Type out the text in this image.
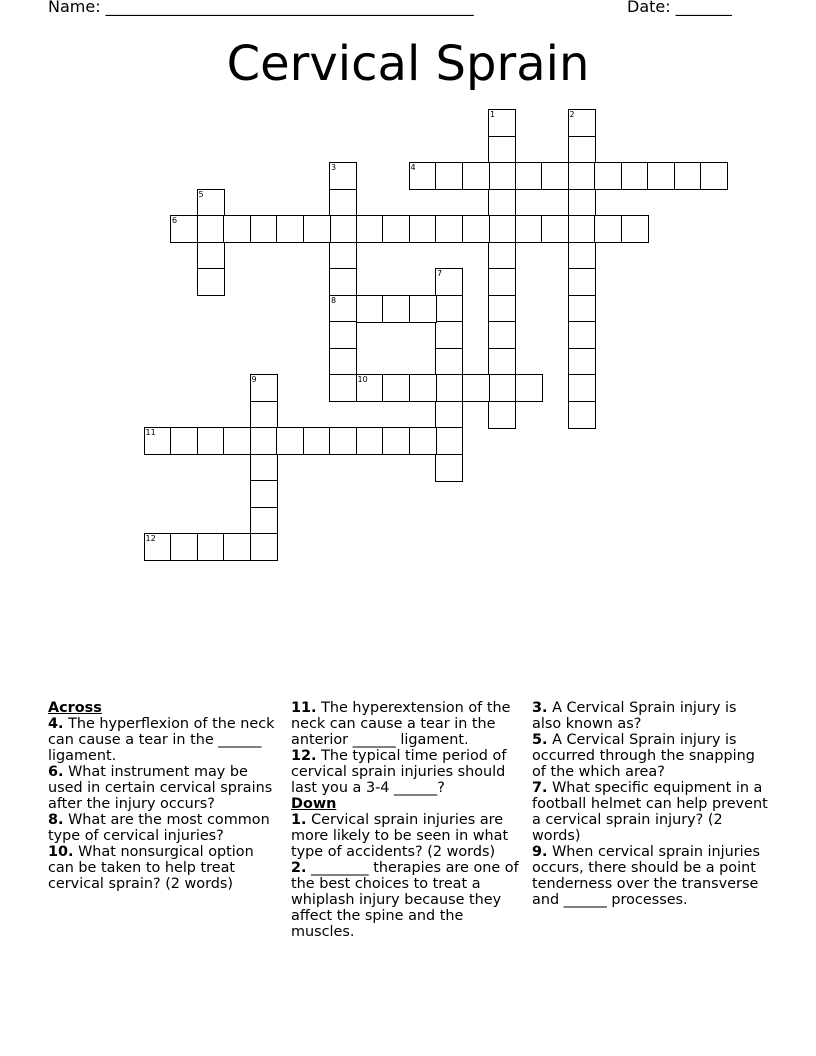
Name: ______________________________________________	Date: _______
Cervical Sprain
1	2
3
8
4
5
6
7
9	10
11
12

Across

4. The hyperflexion of the neck can cause a tear in the ______ ligament.

6. What instrument may be used in certain cervical sprains after the injury occurs?

8. What are the most common type of cervical injuries?

10. What nonsurgical option can be taken to help treat cervical sprain? (2 words)

11. The hyperextension of the neck can cause a tear in the anterior ______ ligament.

12. The typical time period of cervical sprain injuries should last you a 3-4 ______?

Down

1. Cervical sprain injuries are more likely to be seen in what type of accidents? (2 words)

2. ________ therapies are one of the best choices to treat a whiplash injury because they affect the spine and the muscles.

3. A Cervical Sprain injury is also known as?

5. A Cervical Sprain injury is occurred through the snapping of the which area?

7. What specific equipment in a football helmet can help prevent a cervical sprain injury? (2 words)

9. When cervical sprain injuries occurs, there should be a point tenderness over the transverse and ______ processes.
